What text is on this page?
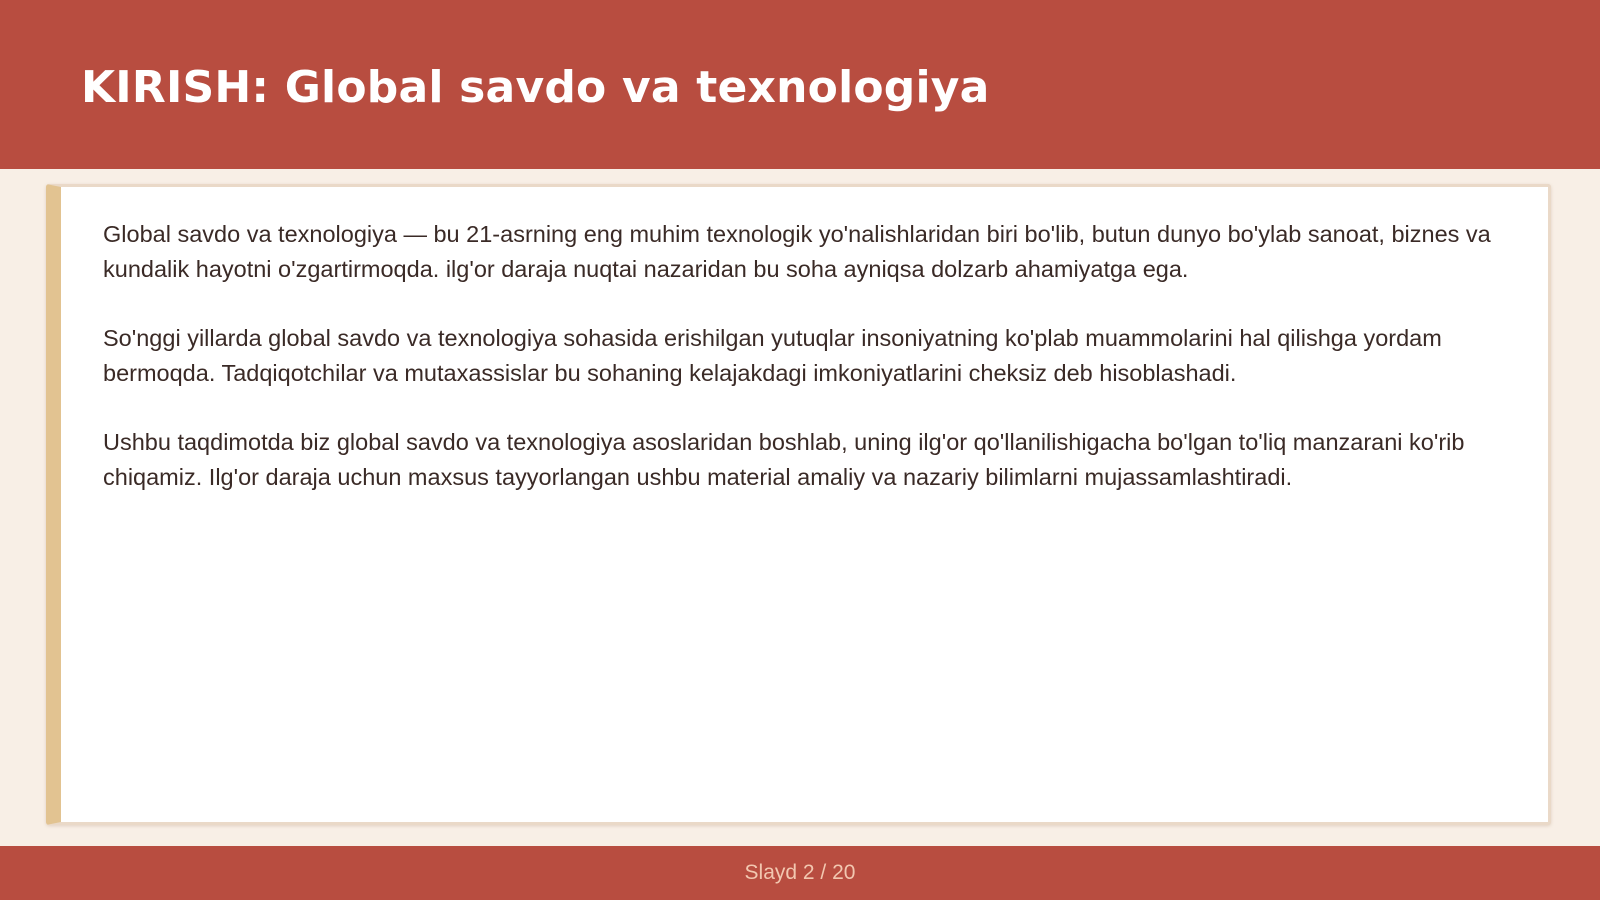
KIRISH: Global savdo va texnologiya

Global savdo va texnologiya — bu 21-asrning eng muhim texnologik yo'nalishlaridan biri bo'lib, butun dunyo bo'ylab sanoat, biznes va kundalik hayotni o'zgartirmoqda. ilg'or daraja nuqtai nazaridan bu soha ayniqsa dolzarb ahamiyatga ega.

So'nggi yillarda global savdo va texnologiya sohasida erishilgan yutuqlar insoniyatning ko'plab muammolarini hal qilishga yordam bermoqda. Tadqiqotchilar va mutaxassislar bu sohaning kelajakdagi imkoniyatlarini cheksiz deb hisoblashadi.

Ushbu taqdimotda biz global savdo va texnologiya asoslaridan boshlab, uning ilg'or qo'llanilishigacha bo'lgan to'liq manzarani ko'rib chiqamiz. Ilg'or daraja uchun maxsus tayyorlangan ushbu material amaliy va nazariy bilimlarni mujassamlashtiradi.

Slayd 2 / 20
